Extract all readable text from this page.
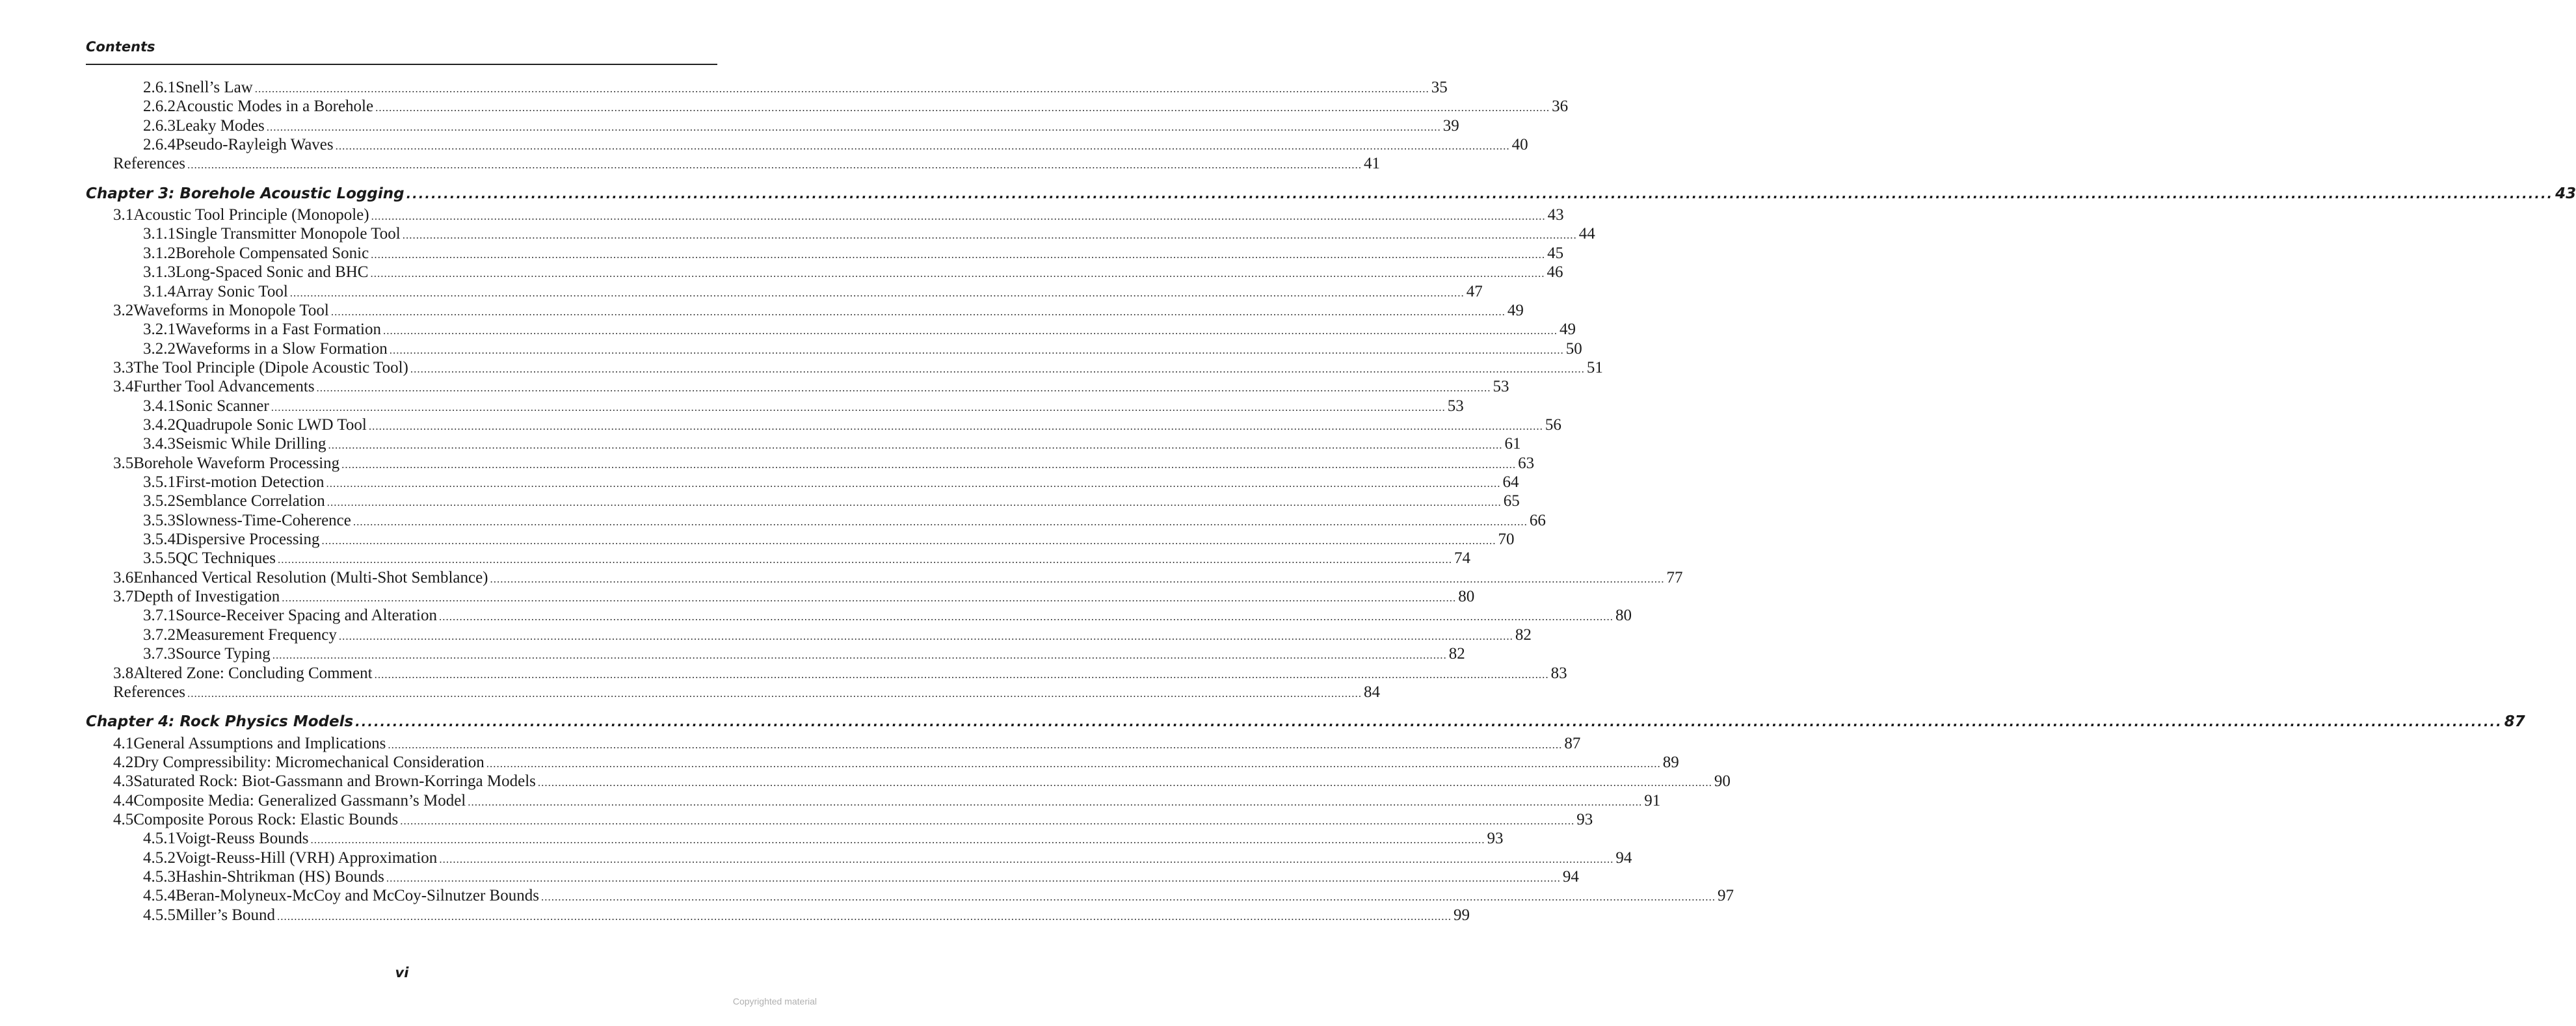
Contents
2.6.1 Snell’s Law .....	35
2.6.2 Acoustic Modes in a Borehole .....	36
2.6.3 Leaky Modes .....	39
2.6.4 Pseudo-Rayleigh Waves .....	40
References .....	41
Chapter 3: Borehole Acoustic Logging .....	43
3.1 Acoustic Tool Principle (Monopole) .....	43
3.1.1 Single Transmitter Monopole Tool .....	44
3.1.2 Borehole Compensated Sonic .....	45
3.1.3 Long-Spaced Sonic and BHC .....	46
3.1.4 Array Sonic Tool .....	47
3.2 Waveforms in Monopole Tool .....	49
3.2.1 Waveforms in a Fast Formation .....	49
3.2.2 Waveforms in a Slow Formation .....	50
3.3 The Tool Principle (Dipole Acoustic Tool) .....	51
3.4 Further Tool Advancements .....	53
3.4.1 Sonic Scanner .....	53
3.4.2 Quadrupole Sonic LWD Tool .....	56
3.4.3 Seismic While Drilling .....	61
3.5 Borehole Waveform Processing .....	63
3.5.1 First-motion Detection .....	64
3.5.2 Semblance Correlation .....	65
3.5.3 Slowness-Time-Coherence .....	66
3.5.4 Dispersive Processing .....	70
3.5.5 QC Techniques .....	74
3.6 Enhanced Vertical Resolution (Multi-Shot Semblance) .....	77
3.7 Depth of Investigation .....	80
3.7.1 Source-Receiver Spacing and Alteration .....	80
3.7.2 Measurement Frequency .....	82
3.7.3 Source Typing .....	82
3.8 Altered Zone: Concluding Comment .....	83
References .....	84
Chapter 4: Rock Physics Models .....	87
4.1 General Assumptions and Implications .....	87
4.2 Dry Compressibility: Micromechanical Consideration .....	89
4.3 Saturated Rock: Biot-Gassmann and Brown-Korringa Models .....	90
4.4 Composite Media: Generalized Gassmann’s Model .....	91
4.5 Composite Porous Rock: Elastic Bounds .....	93
4.5.1 Voigt-Reuss Bounds .....	93
4.5.2 Voigt-Reuss-Hill (VRH) Approximation .....	94
4.5.3 Hashin-Shtrikman (HS) Bounds .....	94
4.5.4 Beran-Molyneux-McCoy and McCoy-Silnutzer Bounds .....	97
4.5.5 Miller’s Bound .....	99
vi
Copyrighted material
